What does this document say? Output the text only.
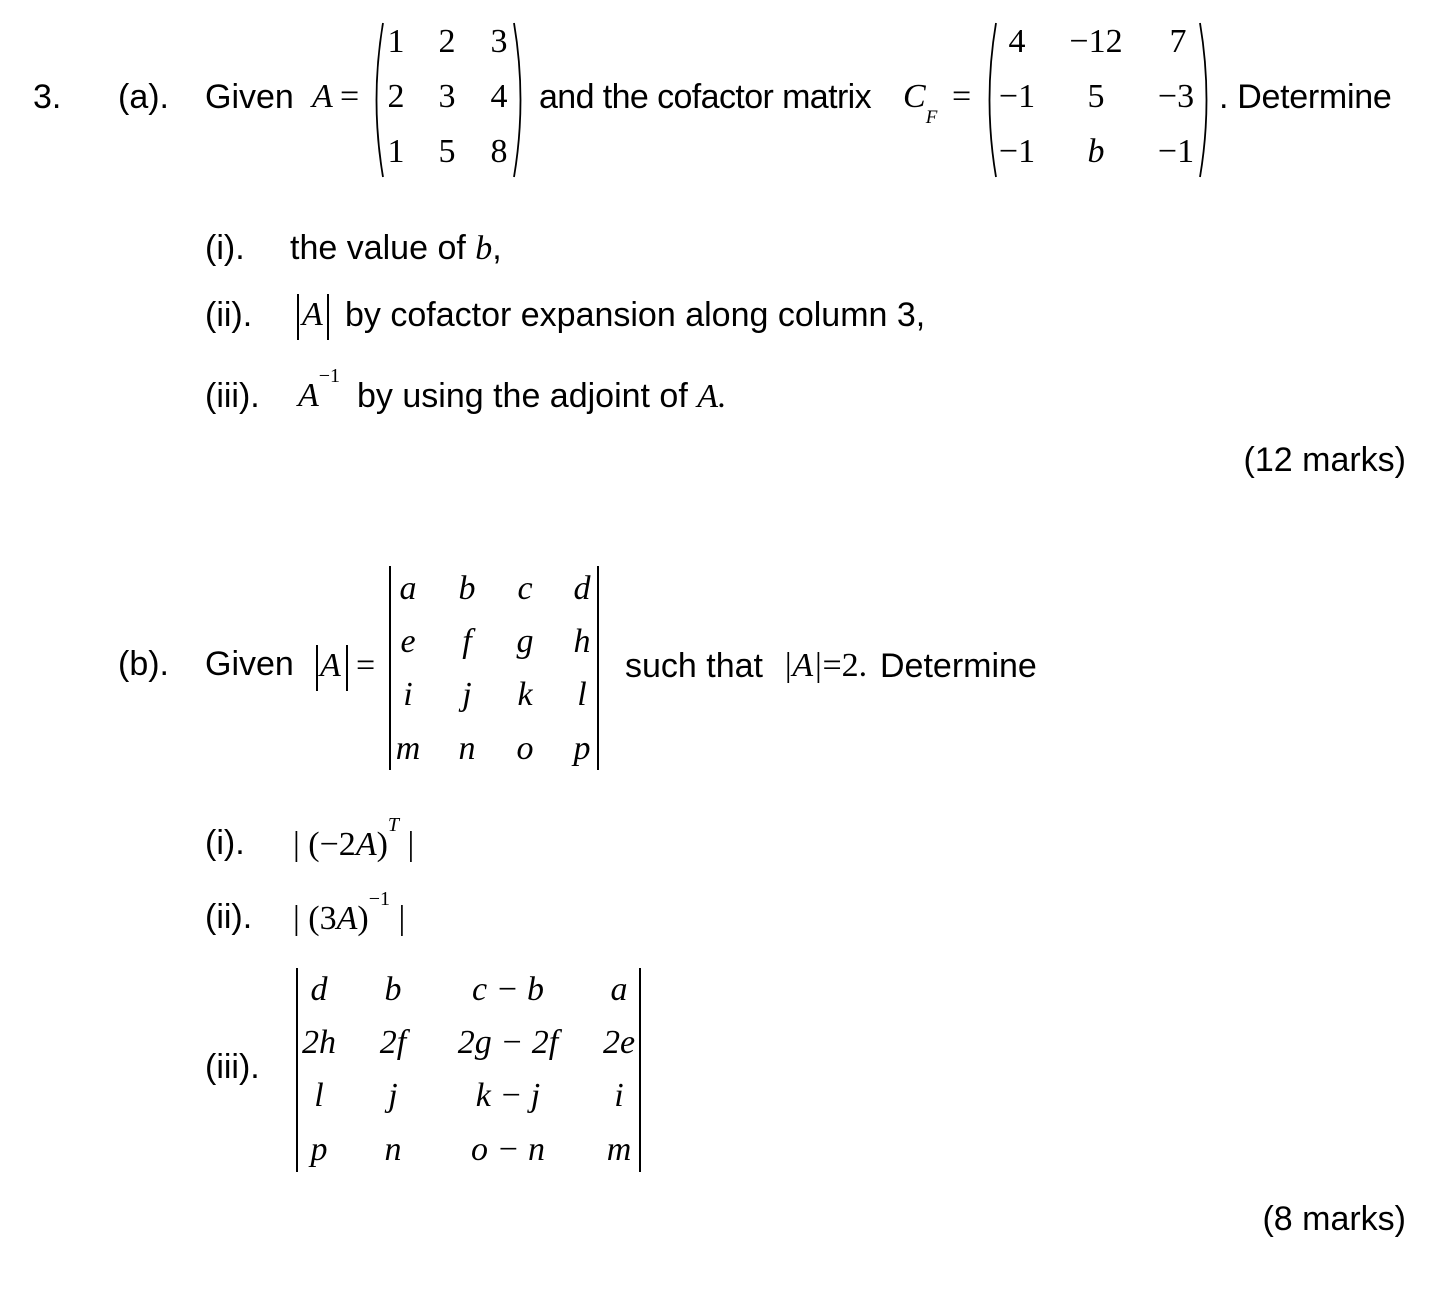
3. (a). Given A =
1 2 3
2 3 4
1 5 8
and the cofactor matrix $C_F$
=
4 −12 7
−1 5 −3
−1 b −1
. Determine
(i). the value of b,
(ii). A by cofactor expansion along column 3,
(iii). $A^{-1}$
by using the adjoint of A.
(12 marks)
(b). Given A =
a b c d
e f g h
i j k l
m n o p
such that |A|=2. Determine
(i). | $(-2A)^T$ |
(ii). | $(3A)^{-1}$ |
(iii).
d b c − b a
2h 2f 2g − 2f 2e
l j k − j i
p n o − n m
(8 marks)
